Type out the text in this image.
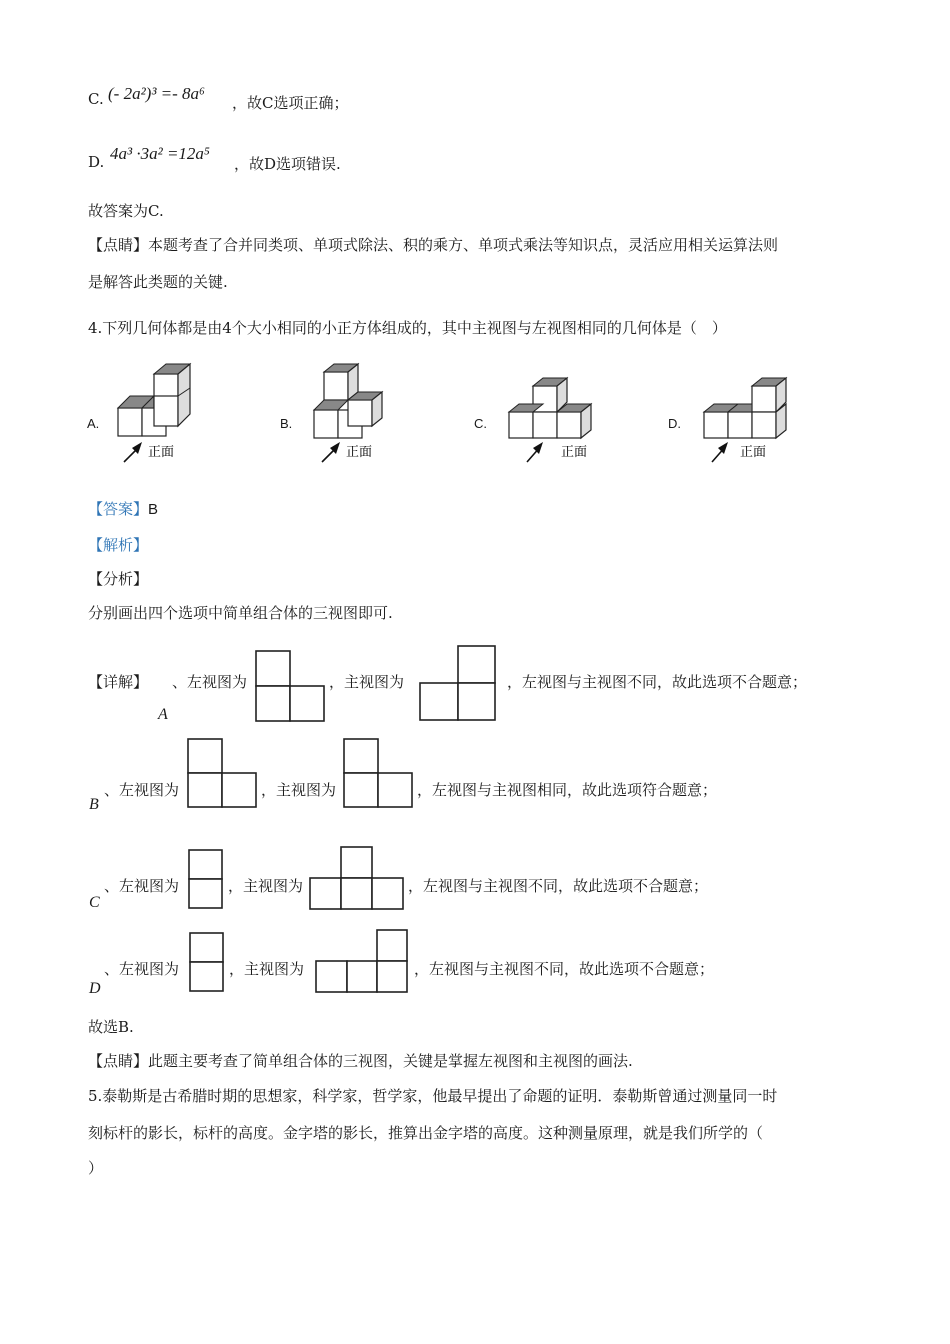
C. (- 2a²)³ =- 8a⁶ ，故C选项正确；
D. 4a³ ·3a² =12a⁵
，故D选项错误.
故答案为C.
【点睛】本题考查了合并同类项、单项式除法、积的乘方、单项式乘法等知识点，灵活应用相关运算法则
是解答此类题的关键.
4.下列几何体都是由4个大小相同的小正方体组成的，其中主视图与左视图相同的几何体是（　）
A.
正面
B.
正面
C.
正面
D.
正面
【答案】B
【解析】
【分析】
分别画出四个选项中简单组合体的三视图即可.
【详解】
A
、左视图为	，主视图为	，左视图与主视图不同，故此选项不合题意；
B
、左视图为	，主视图为	，左视图与主视图相同，故此选项符合题意；
C
、左视图为	，主视图为	，左视图与主视图不同，故此选项不合题意；
D
、左视图为	，主视图为	，左视图与主视图不同，故此选项不合题意；
故选B.
【点睛】此题主要考查了简单组合体的三视图，关键是掌握左视图和主视图的画法.
5.泰勒斯是古希腊时期的思想家，科学家，哲学家，他最早提出了命题的证明．泰勒斯曾通过测量同一时
刻标杆的影长，标杆的高度。金字塔的影长，推算出金字塔的高度。这种测量原理，就是我们所学的（
）
